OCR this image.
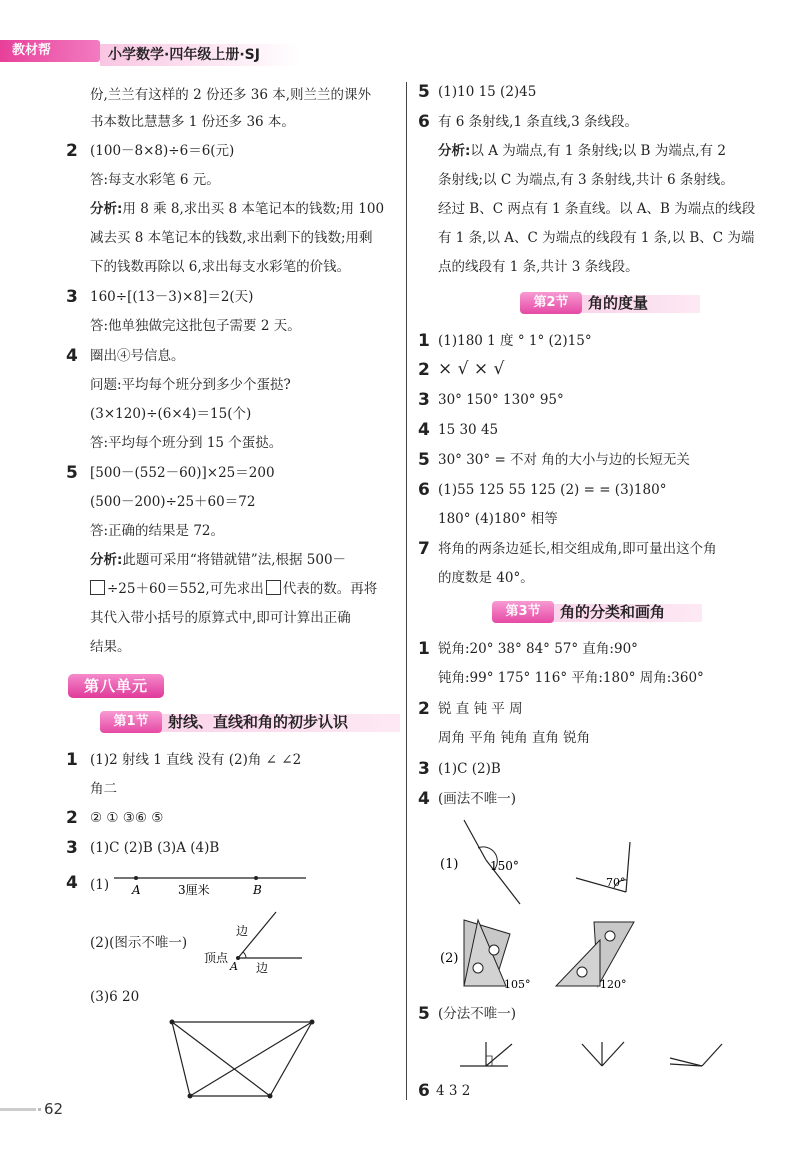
教材帮	小学数学·四年级上册·SJ
份,兰兰有这样的 2 份还多 36 本,则兰兰的课外
书本数比慧慧多 1 份还多 36 本。
2 (100－8×8)÷6＝6(元)
答:每支水彩笔 6 元。
分析:用 8 乘 8,求出买 8 本笔记本的钱数;用 100
减去买 8 本笔记本的钱数,求出剩下的钱数;用剩
下的钱数再除以 6,求出每支水彩笔的价钱。
3 160÷[(13－3)×8]＝2(天)
答:他单独做完这批包子需要 2 天。
4 圈出④号信息。
问题:平均每个班分到多少个蛋挞?
(3×120)÷(6×4)＝15(个)
答:平均每个班分到 15 个蛋挞。
5 [500－(552－60)]×25＝200
(500－200)÷25＋60＝72
答:正确的结果是 72。
分析:此题可采用“将错就错”法,根据 500－
÷25＋60＝552,可先求出 代表的数。再将
其代入带小括号的原算式中,即可计算出正确
结果。
第八单元
第1节	射线、直线和角的初步认识
1 (1)2 射线 1 直线 没有 (2)角 ∠ ∠2
角二
2 ② ① ③⑥ ⑤
3 (1)C (2)B (3)A (4)B
4 (1) A	B
3厘米
边
边
顶点
A
(2)(图示不唯一)
(3)6 20
5 (1)10 15 (2)45
6 有 6 条射线,1 条直线,3 条线段。
分析:以 A 为端点,有 1 条射线;以 B 为端点,有 2
条射线;以 C 为端点,有 3 条射线,共计 6 条射线。
经过 B、C 两点有 1 条直线。以 A、B 为端点的线段
有 1 条,以 A、C 为端点的线段有 1 条,以 B、C 为端
点的线段有 1 条,共计 3 条线段。
第2节	角的度量
1 (1)180 1 度 ° 1° (2)15°
2 × √ × √
3 30° 150° 130° 95°
4 15 30 45
5 30° 30° = 不对 角的大小与边的长短无关
6 (1)55 125 55 125 (2) = = (3)180°
180° (4)180° 相等
7 将角的两条边延长,相交组成角,即可量出这个角
的度数是 40°。
第3节	角的分类和画角
1 锐角:20° 38° 84° 57° 直角:90°
钝角:99° 175° 116° 平角:180° 周角:360°
2 锐 直 钝 平 周
周角 平角 钝角 直角 锐角
3 (1)C (2)B
4 (画法不唯一)
(1)	150°
70°
(2)
105°	120°
5 (分法不唯一)
6 4 3 2
62
